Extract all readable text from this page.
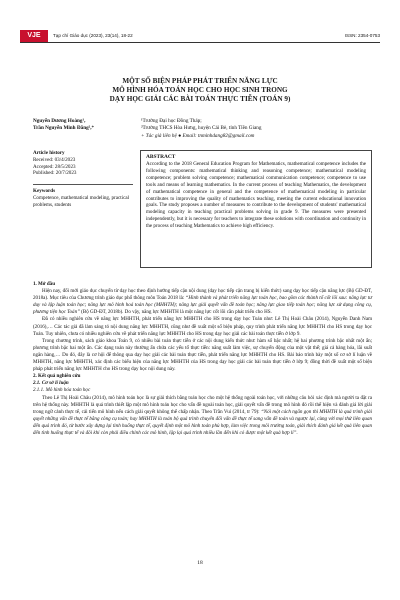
VJE	Tạp chí Giáo dục (2023), 23(14), 18-22	ISSN: 2354-0753
MỘT SỐ BIỆN PHÁP PHÁT TRIỂN NĂNG LỰC
MÔ HÌNH HÓA TOÁN HỌC CHO HỌC SINH TRONG
DẠY HỌC GIẢI CÁC BÀI TOÁN THỰC TIỄN (TOÁN 9)
Nguyễn Dương Hoàng¹,
Trần Nguyễn Minh Đăng²,⁺
¹Trường Đại học Đồng Tháp;
²Trường THCS Hòa Hưng, huyện Cái Bè, tỉnh Tiền Giang
+ Tác giả liên hệ ● Email: tnminhdang82@gmail.com
Article history
Received: 03/4/2023
Accepted: 28/5/2023
Published: 20/7/2023
Keywords
Competence, mathematical modeling, practical problems, students
ABSTRACT
According to the 2018 General Education Program for Mathematics, mathematical competence includes the following components: mathematical thinking and reasoning competence; mathematical modeling competence; problem solving competence; mathematical communication competence; competence to use tools and means of learning mathematics. In the current process of teaching Mathematics, the development of mathematical competence in general and the competence of mathematical modeling in particular contributes to improving the quality of mathematics teaching, meeting the current educational innovation goals. The study proposes a number of measures to contribute to the development of students' mathematical modeling capacity in teaching practical problems solving in grade 9. The measures were presented independently, but it is necessary for teachers to integrate these solutions with coordination and continuity in the process of teaching Mathematics to achieve high efficiency.
1. Mở đầu

Hiện nay, đổi mới giáo dục chuyển từ dạy học theo định hướng tiếp cận nội dung (dạy học tiếp cận trang bị kiến thức) sang dạy học tiếp cận năng lực (Bộ GD-ĐT, 2018a). Mục tiêu của Chương trình giáo dục phổ thông môn Toán 2018 là: “Hình thành và phát triển năng lực toán học, bao gồm các thành tố cốt lõi sau: năng lực tư duy và lập luận toán học; năng lực mô hình hoá toán học (MHHTH); năng lực giải quyết vấn đề toán học; năng lực giao tiếp toán học; năng lực sử dụng công cụ, phương tiện học Toán” (Bộ GD-ĐT, 2018b). Do vậy, năng lực MHHTH là một năng lực cốt lõi cần phát triển cho HS.

Đã có nhiều nghiên cứu về năng lực MHHTH, phát triển năng lực MHHTH cho HS trong dạy học Toán như: Lê Thị Hoài Châu (2014), Nguyễn Danh Nam (2016),… Các tác giả đã làm sáng tỏ nội dung năng lực MHHTH, cũng như đề xuất một số biện pháp, quy trình phát triển năng lực MHHTH cho HS trong dạy học Toán. Tuy nhiên, chưa có nhiều nghiên cứu về phát triển năng lực MHHTH cho HS trong dạy học giải các bài toán thực tiễn ở lớp 9.

Trong chương trình, sách giáo khoa Toán 9, có nhiều bài toán thực tiễn ở các nội dung kiến thức như: hàm số bậc nhất; hệ hai phương trình bậc nhất một ẩn; phương trình bậc hai một ẩn. Các dạng toán này thường ẩn chứa các yếu tố thực tiễn: năng suất làm việc, sự chuyển động của một vật thể; giá cả hàng hóa, lãi suất ngân hàng,… Do đó, đây là cơ hội để thông qua dạy học giải các bài toán thực tiễn, phát triển năng lực MHHTH cho HS. Bài báo trình bày một số cơ sở lí luận về MHHTH, năng lực MHHTH, xác định các biểu hiện của năng lực MHHTH của HS trong dạy học giải các bài toán thực tiễn ở lớp 9; đồng thời đề xuất một số biện pháp phát triển năng lực MHHTH cho HS trong dạy học nội dung này.

2. Kết quả nghiên cứu
2.1. Cơ sở lí luận
2.1.1. Mô hình hóa toán học

Theo Lê Thị Hoài Châu (2014), mô hình toán học là sự giải thích bằng toán học cho một hệ thống ngoài toán học, với những câu hỏi xác định mà người ta đặt ra trên hệ thống này. MHHTH là quá trình thiết lập một mô hình toán học cho vấn đề ngoài toán học, giải quyết vấn đề trong mô hình đó rồi thể hiện và đánh giá lời giải trong ngữ cảnh thực tế, cải tiến mô hình nếu cách giải quyết không thể chấp nhận. Theo Trần Vui (2014, tr 79): “Nói một cách ngắn gọn thì MHHTH là quá trình giải quyết những vấn đề thực tế bằng công cụ toán; hay MHHTH là toán bộ quá trình chuyển đổi vấn đề thực tế sang vấn đề toán và ngược lại, cùng với mọi thứ liên quan đến quá trình đó, từ bước xây dựng lại tình huống thực tế, quyết định một mô hình toán phù hợp, làm việc trong môi trường toán, giải thích đánh giá kết quả liên quan đến tình huống thực tế và đôi khi còn phải điều chỉnh các mô hình, lặp lại quá trình nhiều lần đến khi có được một kết quả hợp lí”.

18
